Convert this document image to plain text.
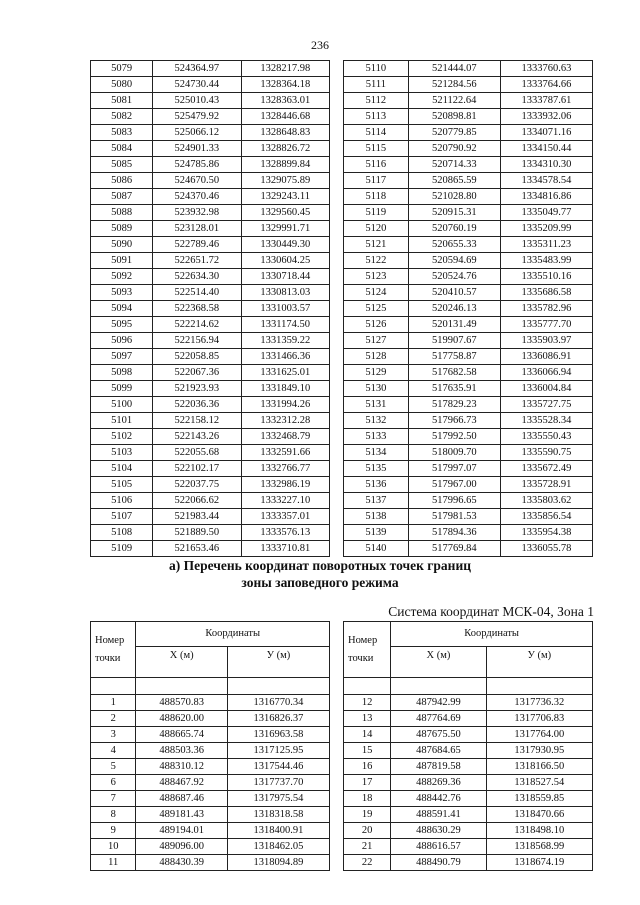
236
5079	524364.97	1328217.98
5080	524730.44	1328364.18
5081	525010.43	1328363.01
5082	525479.92	1328446.68
5083	525066.12	1328648.83
5084	524901.33	1328826.72
5085	524785.86	1328899.84
5086	524670.50	1329075.89
5087	524370.46	1329243.11
5088	523932.98	1329560.45
5089	523128.01	1329991.71
5090	522789.46	1330449.30
5091	522651.72	1330604.25
5092	522634.30	1330718.44
5093	522514.40	1330813.03
5094	522368.58	1331003.57
5095	522214.62	1331174.50
5096	522156.94	1331359.22
5097	522058.85	1331466.36
5098	522067.36	1331625.01
5099	521923.93	1331849.10
5100	522036.36	1331994.26
5101	522158.12	1332312.28
5102	522143.26	1332468.79
5103	522055.68	1332591.66
5104	522102.17	1332766.77
5105	522037.75	1332986.19
5106	522066.62	1333227.10
5107	521983.44	1333357.01
5108	521889.50	1333576.13
5109	521653.46	1333710.81
5110	521444.07	1333760.63
5111	521284.56	1333764.66
5112	521122.64	1333787.61
5113	520898.81	1333932.06
5114	520779.85	1334071.16
5115	520790.92	1334150.44
5116	520714.33	1334310.30
5117	520865.59	1334578.54
5118	521028.80	1334816.86
5119	520915.31	1335049.77
5120	520760.19	1335209.99
5121	520655.33	1335311.23
5122	520594.69	1335483.99
5123	520524.76	1335510.16
5124	520410.57	1335686.58
5125	520246.13	1335782.96
5126	520131.49	1335777.70
5127	519907.67	1335903.97
5128	517758.87	1336086.91
5129	517682.58	1336066.94
5130	517635.91	1336004.84
5131	517829.23	1335727.75
5132	517966.73	1335528.34
5133	517992.50	1335550.43
5134	518009.70	1335590.75
5135	517997.07	1335672.49
5136	517967.00	1335728.91
5137	517996.65	1335803.62
5138	517981.53	1335856.54
5139	517894.36	1335954.38
5140	517769.84	1336055.78
а) Перечень координат поворотных точек границ
зоны заповедного режима
Система координат МСК-04, Зона 1
Номер точки	Координаты	
	X (м)	У (м)

1	488570.83	1316770.34
2	488620.00	1316826.37
3	488665.74	1316963.58
4	488503.36	1317125.95
5	488310.12	1317544.46
6	488467.92	1317737.70
7	488687.46	1317975.54
8	489181.43	1318318.58
9	489194.01	1318400.91
10	489096.00	1318462.05
11	488430.39	1318094.89
Номер точки	Координаты	
	X (м)	У (м)

12	487942.99	1317736.32
13	487764.69	1317706.83
14	487675.50	1317764.00
15	487684.65	1317930.95
16	487819.58	1318166.50
17	488269.36	1318527.54
18	488442.76	1318559.85
19	488591.41	1318470.66
20	488630.29	1318498.10
21	488616.57	1318568.99
22	488490.79	1318674.19
